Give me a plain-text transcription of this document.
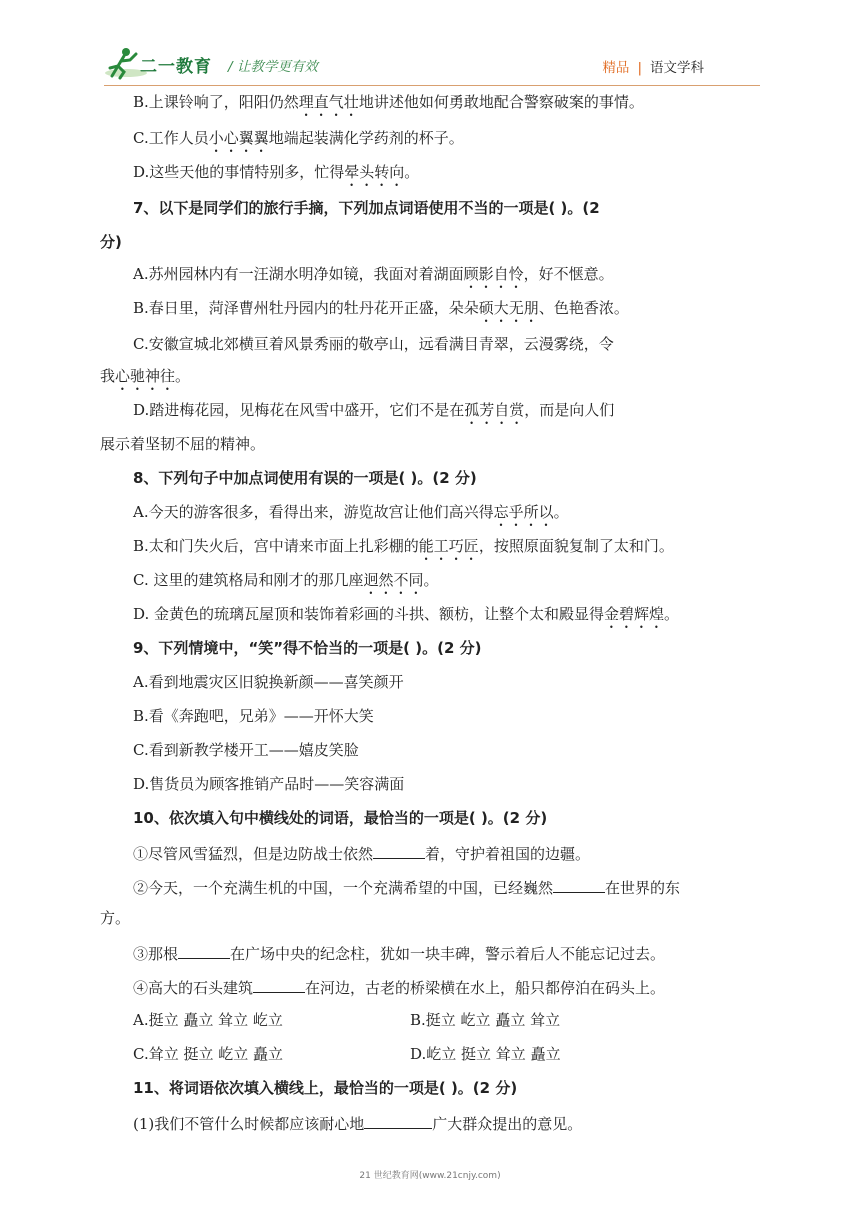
二一教育 / 让教学更有效	精品 | 语文学科
B.上课铃响了，阳阳仍然理直气壮地讲述他如何勇敢地配合警察破案的事情。
C.工作人员小心翼翼地端起装满化学药剂的杯子。
D.这些天他的事情特别多，忙得晕头转向。
7、以下是同学们的旅行手摘，下列加点词语使用不当的一项是( )。(2
分)
A.苏州园林内有一汪湖水明净如镜，我面对着湖面顾影自怜，好不惬意。
B.春日里，菏泽曹州牡丹园内的牡丹花开正盛，朵朵硕大无朋、色艳香浓。
C.安徽宣城北郊横亘着风景秀丽的敬亭山，远看满目青翠，云漫雾绕，令
我心驰神往。
D.踏进梅花园，见梅花在风雪中盛开，它们不是在孤芳自赏，而是向人们
展示着坚韧不屈的精神。
8、下列句子中加点词使用有误的一项是( )。(2 分)
A.今天的游客很多，看得出来，游览故宫让他们高兴得忘乎所以。
B.太和门失火后，宫中请来市面上扎彩棚的能工巧匠，按照原面貌复制了太和门。
C. 这里的建筑格局和刚才的那几座迥然不同。
D. 金黄色的琉璃瓦屋顶和装饰着彩画的斗拱、额枋，让整个太和殿显得金碧辉煌。
9、下列情境中，“笑”得不恰当的一项是( )。(2 分)
A.看到地震灾区旧貌换新颜——喜笑颜开
B.看《奔跑吧，兄弟》——开怀大笑
C.看到新教学楼开工——嬉皮笑脸
D.售货员为顾客推销产品时——笑容满面
10、依次填入句中横线处的词语，最恰当的一项是( )。(2 分)
①尽管风雪猛烈，但是边防战士依然	着，守护着祖国的边疆。
②今天，一个充满生机的中国，一个充满希望的中国，已经巍然	在世界的东
方。
③那根	在广场中央的纪念柱，犹如一块丰碑，警示着后人不能忘记过去。
④高大的石头建筑	在河边，古老的桥梁横在水上，船只都停泊在码头上。
A.挺立 矗立 耸立 屹立	B.挺立 屹立 矗立 耸立
C.耸立 挺立 屹立 矗立	D.屹立 挺立 耸立 矗立
11、将词语依次填入横线上，最恰当的一项是( )。(2 分)
(1)我们不管什么时候都应该耐心地	广大群众提出的意见。
21 世纪教育网(www.21cnjy.com)
